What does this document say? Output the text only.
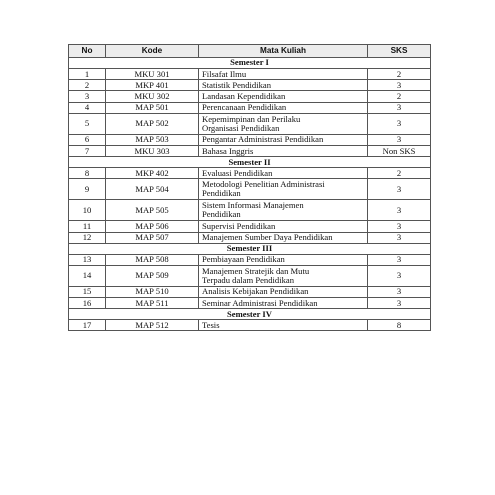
No	Kode	Mata Kuliah	SKS
Semester I			
1	MKU 301	Filsafat Ilmu	2
2	MKP 401	Statistik Pendidikan	3
3	MKU 302	Landasan Kependidikan	2
4	MAP 501	Perencanaan Pendidikan	3
5	MAP 502	Kepemimpinan dan Perilaku
Organisasi Pendidikan	3
6	MAP 503	Pengantar Administrasi Pendidikan	3
7	MKU 303	Bahasa Inggris	Non SKS
Semester II			
8	MKP 402	Evaluasi Pendidikan	2
9	MAP 504	Metodologi Penelitian Administrasi
Pendidikan	3
10	MAP 505	Sistem Informasi Manajemen
Pendidikan	3
11	MAP 506	Supervisi Pendidikan	3
12	MAP 507	Manajemen Sumber Daya Pendidikan	3
Semester III			
13	MAP 508	Pembiayaan Pendidikan	3
14	MAP 509	Manajemen Stratejik dan Mutu
Terpadu dalam Pendidikan	3
15	MAP 510	Analisis Kebijakan Pendidikan	3
16	MAP 511	Seminar Administrasi Pendidikan	3
Semester IV			
17	MAP 512	Tesis	8
